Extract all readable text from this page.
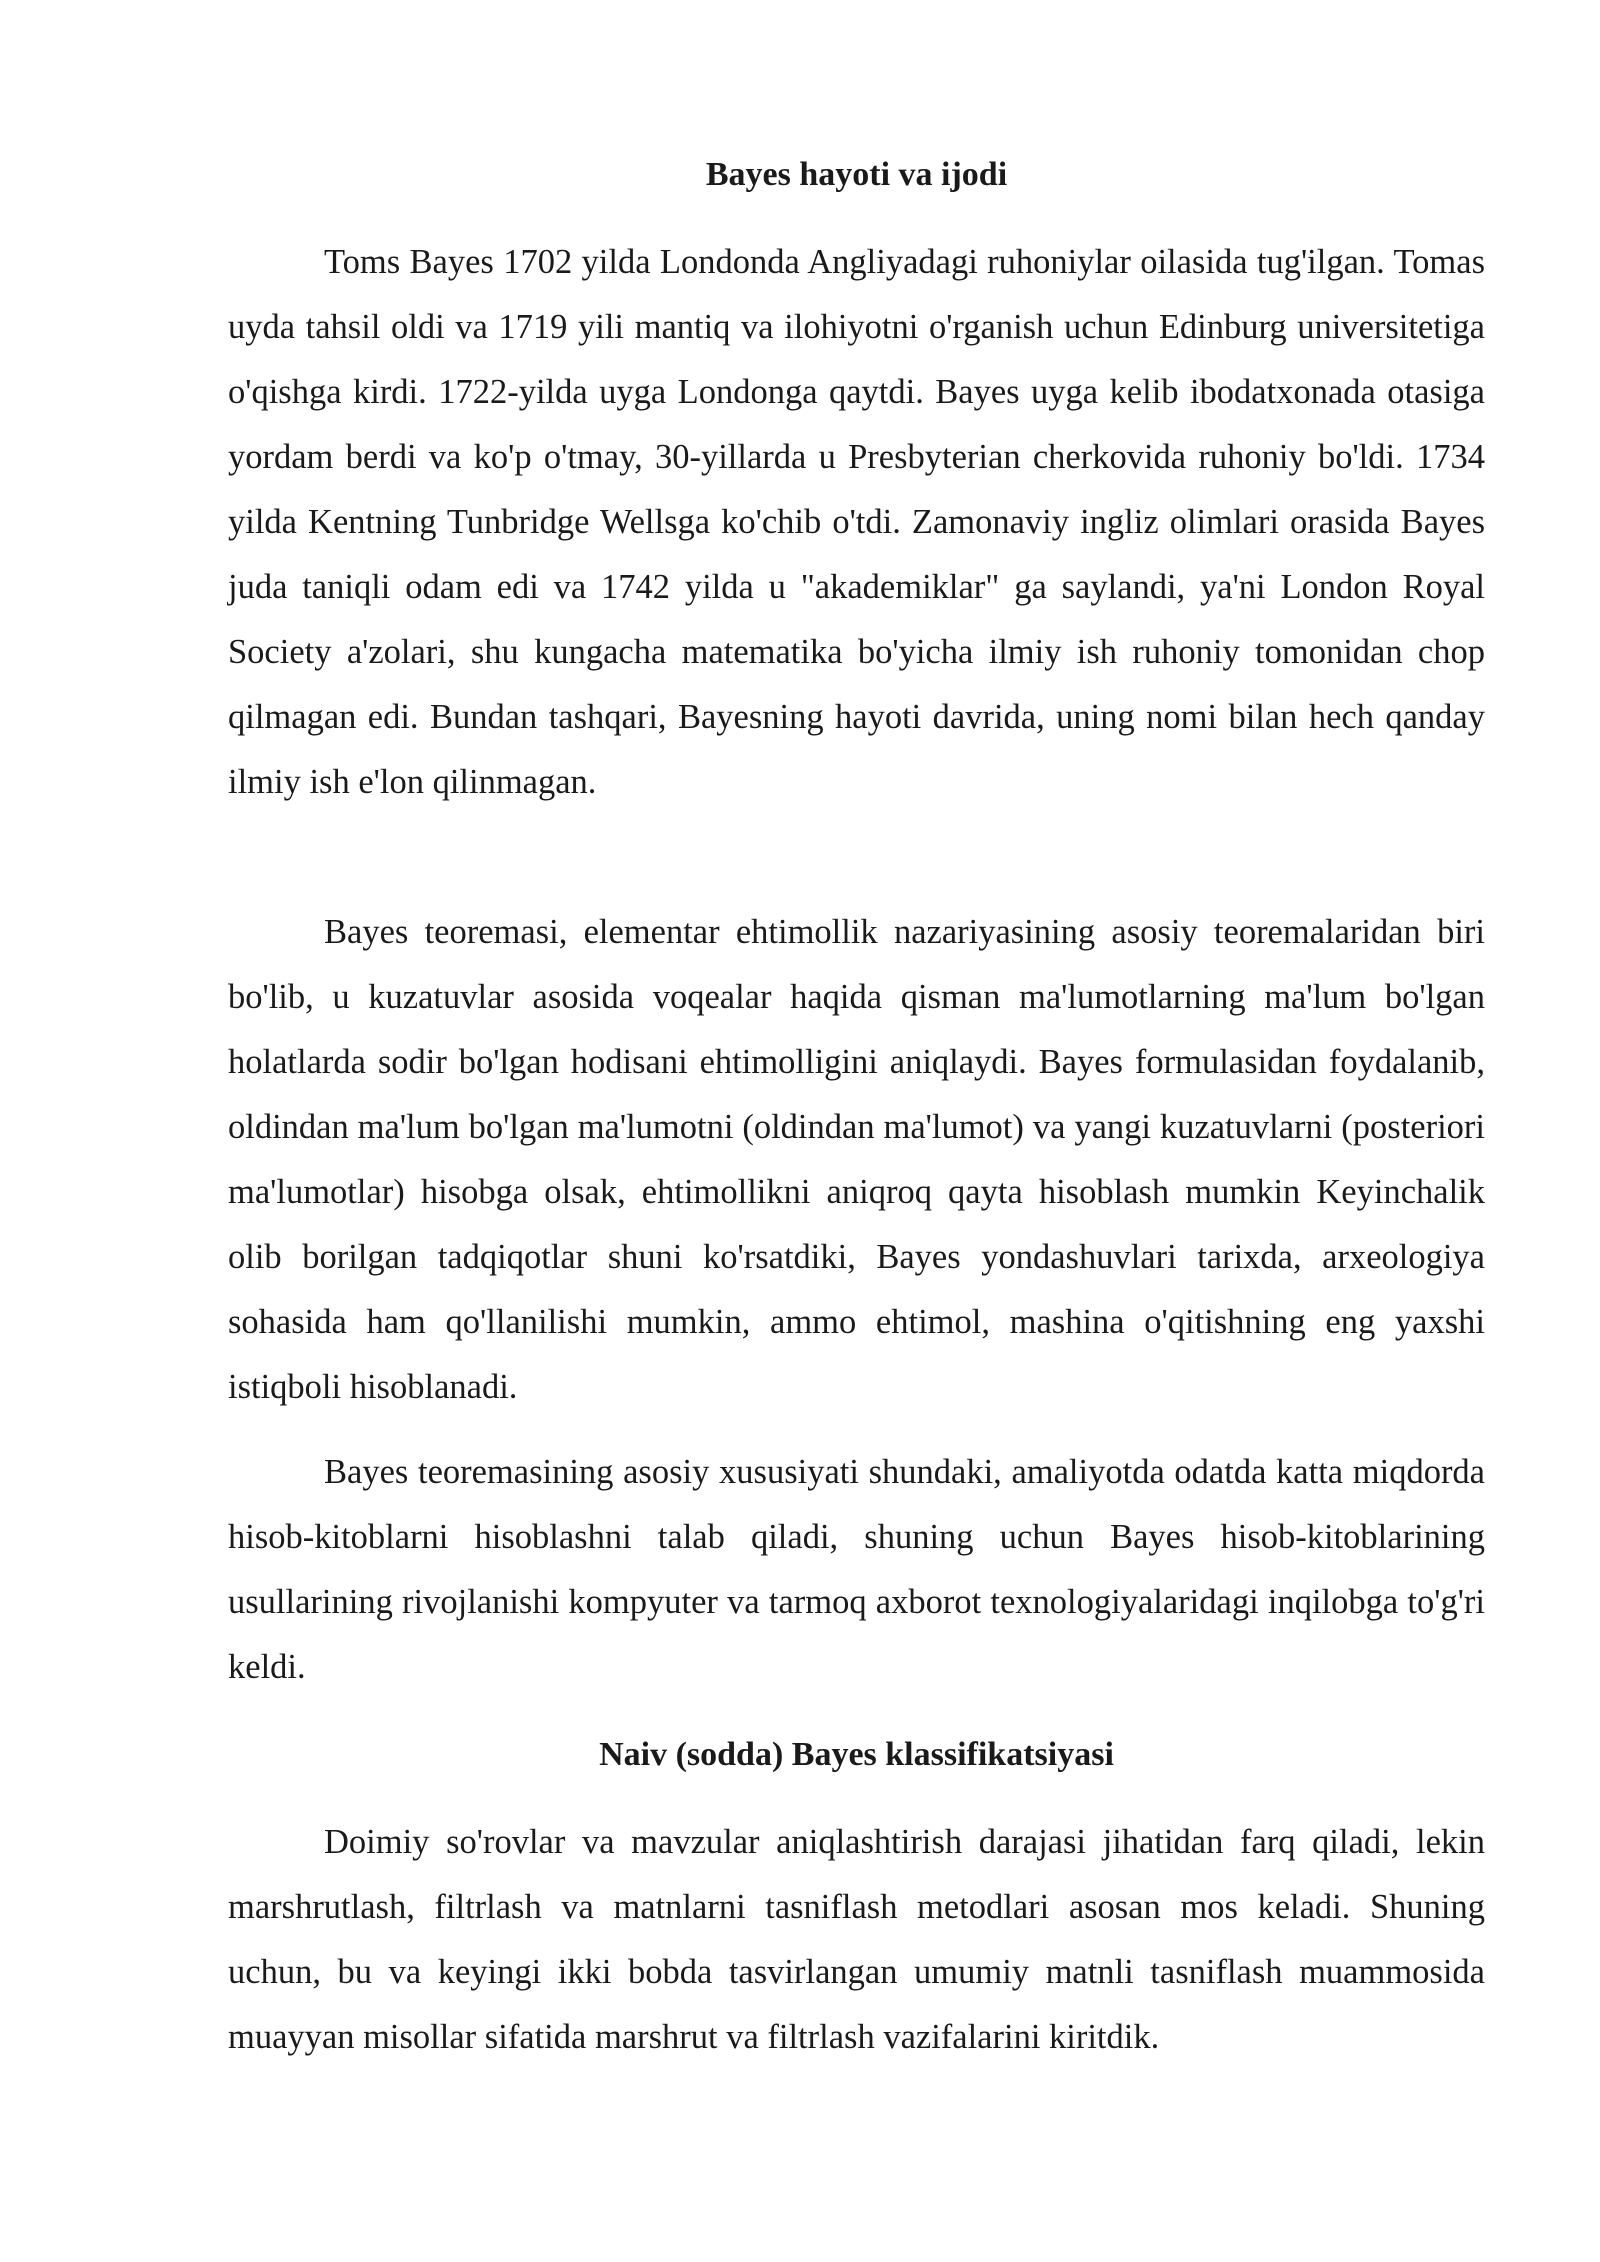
Bayes hayoti va ijodi

Toms Bayes 1702 yilda Londonda Angliyadagi ruhoniylar oilasida tug'ilgan. Tomas uyda tahsil oldi va 1719 yili mantiq va ilohiyotni o'rganish uchun Edinburg universitetiga o'qishga kirdi. 1722-yilda uyga Londonga qaytdi. Bayes uyga kelib ibodatxonada otasiga yordam berdi va ko'p o'tmay, 30-yillarda u Presbyterian cherkovida ruhoniy bo'ldi. 1734 yilda Kentning Tunbridge Wellsga ko'chib o'tdi. Zamonaviy ingliz olimlari orasida Bayes juda taniqli odam edi va 1742 yilda u "akademiklar" ga saylandi, ya'ni London Royal Society a'zolari, shu kungacha matematika bo'yicha ilmiy ish ruhoniy tomonidan chop qilmagan edi. Bundan tashqari, Bayesning hayoti davrida, uning nomi bilan hech qanday ilmiy ish e'lon qilinmagan.

Bayes teoremasi, elementar ehtimollik nazariyasining asosiy teoremalaridan biri bo'lib, u kuzatuvlar asosida voqealar haqida qisman ma'lumotlarning ma'lum bo'lgan holatlarda sodir bo'lgan hodisani ehtimolligini aniqlaydi. Bayes formulasidan foydalanib, oldindan ma'lum bo'lgan ma'lumotni (oldindan ma'lumot) va yangi kuzatuvlarni (posteriori ma'lumotlar) hisobga olsak, ehtimollikni aniqroq qayta hisoblash mumkin Keyinchalik olib borilgan tadqiqotlar shuni ko'rsatdiki, Bayes yondashuvlari tarixda, arxeologiya sohasida ham qo'llanilishi mumkin, ammo ehtimol, mashina o'qitishning eng yaxshi istiqboli hisoblanadi.

Bayes teoremasining asosiy xususiyati shundaki, amaliyotda odatda katta miqdorda hisob-kitoblarni hisoblashni talab qiladi, shuning uchun Bayes hisob-kitoblarining usullarining rivojlanishi kompyuter va tarmoq axborot texnologiyalaridagi inqilobga to'g'ri keldi.

Naiv (sodda) Bayes klassifikatsiyasi

Doimiy so'rovlar va mavzular aniqlashtirish darajasi jihatidan farq qiladi, lekin marshrutlash, filtrlash va matnlarni tasniflash metodlari asosan mos keladi. Shuning uchun, bu va keyingi ikki bobda tasvirlangan umumiy matnli tasniflash muammosida muayyan misollar sifatida marshrut va filtrlash vazifalarini kiritdik.
